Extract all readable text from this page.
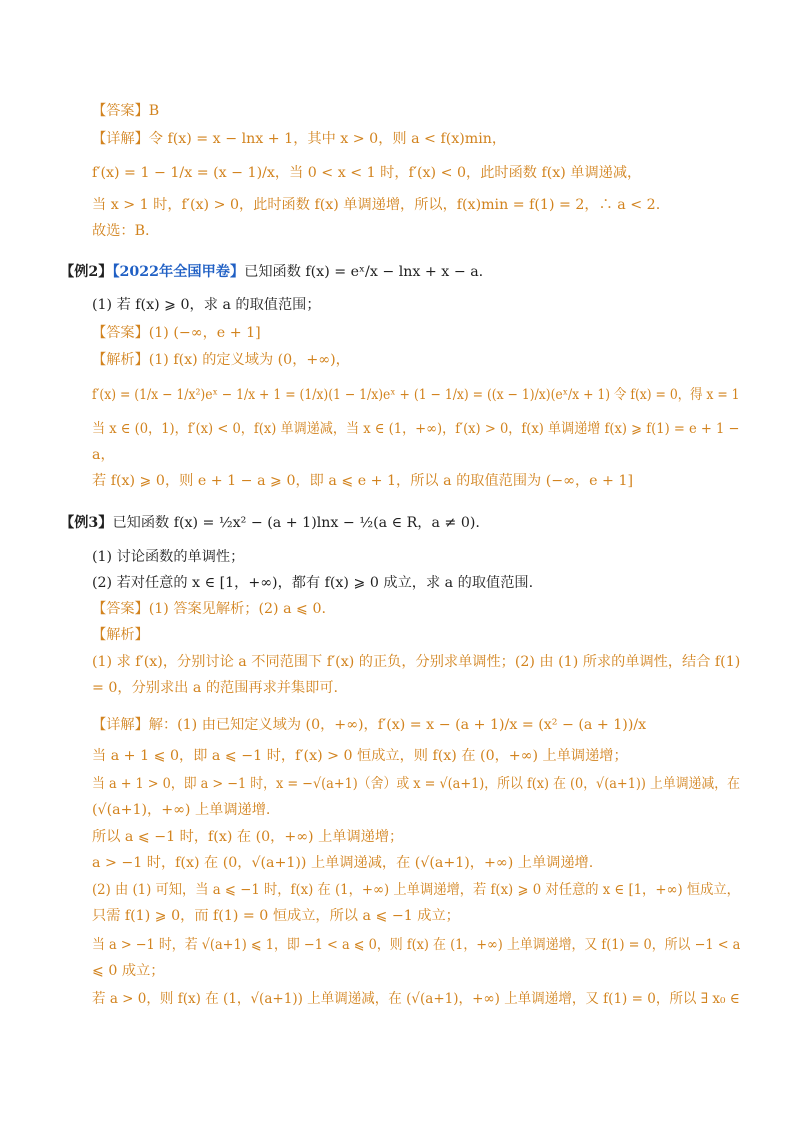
【答案】B
【详解】令 f(x) = x − lnx + 1，其中 x > 0，则 a < f(x)min，
f′(x) = 1 − 1/x = (x − 1)/x，当 0 < x < 1 时，f′(x) < 0，此时函数 f(x) 单调递减，
当 x > 1 时，f′(x) > 0，此时函数 f(x) 单调递增，所以，f(x)min = f(1) = 2，∴ a < 2.
故选：B.
【例2】【2022年全国甲卷】已知函数 f(x) = eˣ/x − lnx + x − a.
(1) 若 f(x) ⩾ 0，求 a 的取值范围；
【答案】(1) (−∞，e + 1]
【解析】(1) f(x) 的定义域为 (0，+∞)，
f′(x) = (1/x − 1/x²)eˣ − 1/x + 1 = (1/x)(1 − 1/x)eˣ + (1 − 1/x) = ((x − 1)/x)(eˣ/x + 1) 令 f(x) = 0，得 x = 1
当 x ∈ (0，1)，f′(x) < 0，f(x) 单调递减，当 x ∈ (1，+∞)，f′(x) > 0，f(x) 单调递增 f(x) ⩾ f(1) = e + 1 −
a，
若 f(x) ⩾ 0，则 e + 1 − a ⩾ 0，即 a ⩽ e + 1，所以 a 的取值范围为 (−∞，e + 1]
【例3】已知函数 f(x) = ½x² − (a + 1)lnx − ½(a ∈ R，a ≠ 0).
(1) 讨论函数的单调性；
(2) 若对任意的 x ∈ [1，+∞)，都有 f(x) ⩾ 0 成立，求 a 的取值范围.
【答案】(1) 答案见解析；(2) a ⩽ 0.
【解析】
(1) 求 f′(x)，分别讨论 a 不同范围下 f′(x) 的正负，分别求单调性；(2) 由 (1) 所求的单调性，结合 f(1)
= 0，分别求出 a 的范围再求并集即可.
【详解】解：(1) 由已知定义域为 (0，+∞)，f′(x) = x − (a + 1)/x = (x² − (a + 1))/x
当 a + 1 ⩽ 0，即 a ⩽ −1 时，f′(x) > 0 恒成立，则 f(x) 在 (0，+∞) 上单调递增；
当 a + 1 > 0，即 a > −1 时，x = −√(a+1)（舍）或 x = √(a+1)，所以 f(x) 在 (0，√(a+1)) 上单调递减，在
(√(a+1)，+∞) 上单调递增.
所以 a ⩽ −1 时，f(x) 在 (0，+∞) 上单调递增；
a > −1 时，f(x) 在 (0，√(a+1)) 上单调递减，在 (√(a+1)，+∞) 上单调递增.
(2) 由 (1) 可知，当 a ⩽ −1 时，f(x) 在 (1，+∞) 上单调递增，若 f(x) ⩾ 0 对任意的 x ∈ [1，+∞) 恒成立，
只需 f(1) ⩾ 0，而 f(1) = 0 恒成立，所以 a ⩽ −1 成立；
当 a > −1 时，若 √(a+1) ⩽ 1，即 −1 < a ⩽ 0，则 f(x) 在 (1，+∞) 上单调递增，又 f(1) = 0，所以 −1 < a
⩽ 0 成立；
若 a > 0，则 f(x) 在 (1，√(a+1)) 上单调递减，在 (√(a+1)，+∞) 上单调递增，又 f(1) = 0，所以 ∃ x₀ ∈
